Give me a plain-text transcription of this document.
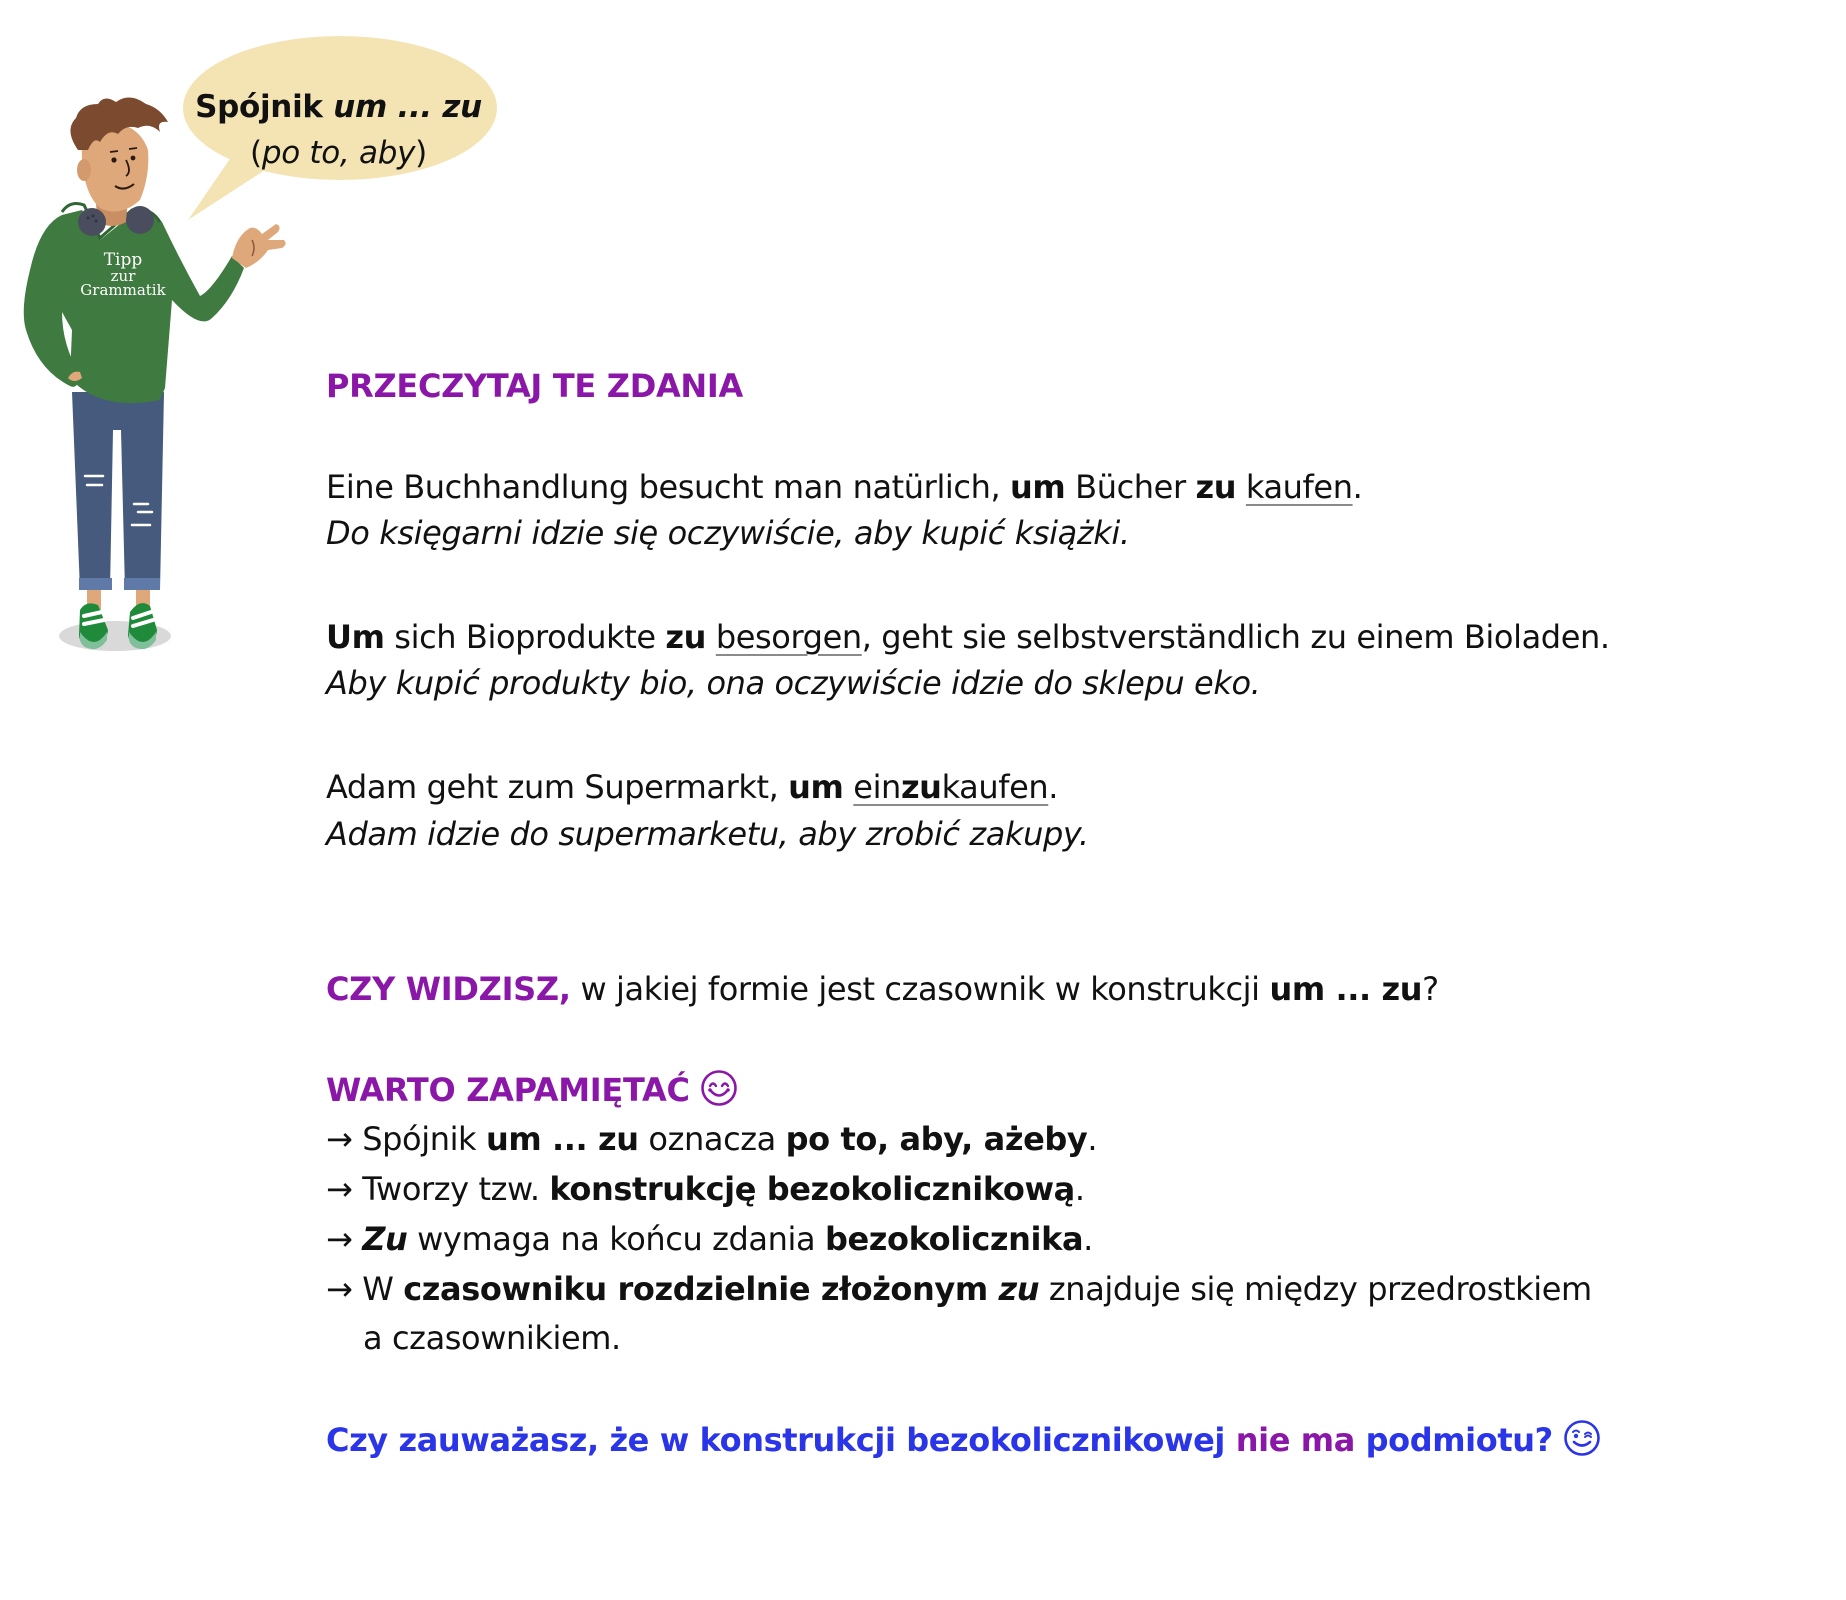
Tipp
zur
Grammatik
Spójnik um ... zu
(po to, aby)
PRZECZYTAJ TE ZDANIA
Eine Buchhandlung besucht man natürlich, um Bücher zu kaufen.
Do księgarni idzie się oczywiście, aby kupić książki.
Um sich Bioprodukte zu besorgen, geht sie selbstverständlich zu einem Bioladen.
Aby kupić produkty bio, ona oczywiście idzie do sklepu eko.
Adam geht zum Supermarkt, um einzukaufen.
Adam idzie do supermarketu, aby zrobić zakupy.
CZY WIDZISZ, w jakiej formie jest czasownik w konstrukcji um ... zu?
WARTO ZAPAMIĘTAĆ
→ Spójnik um ... zu oznacza po to, aby, ażeby.
→ Tworzy tzw. konstrukcję bezokolicznikową.
→ Zu wymaga na końcu zdania bezokolicznika.
→ W czasowniku rozdzielnie złożonym zu znajduje się między przedrostkiem
a czasownikiem.
Czy zauważasz, że w konstrukcji bezokolicznikowej nie ma podmiotu?
